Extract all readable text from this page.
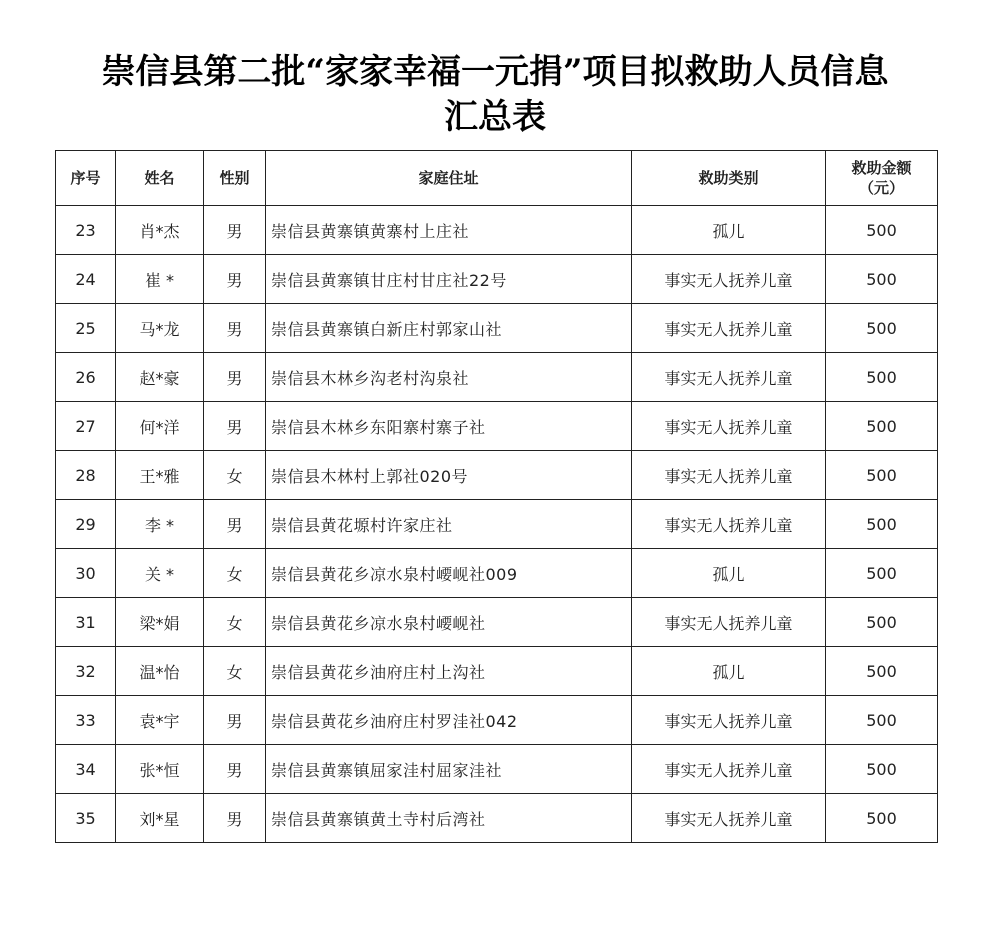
崇信县第二批“家家幸福一元捐”项目拟救助人员信息
汇总表
序号	姓名	性别	家庭住址	救助类别	救助金额
（元）

23	肖*杰	男	崇信县黄寨镇黄寨村上庄社	孤儿	500
24	崔 *	男	崇信县黄寨镇甘庄村甘庄社22号	事实无人抚养儿童	500
25	马*龙	男	崇信县黄寨镇白新庄村郭家山社	事实无人抚养儿童	500
26	赵*豪	男	崇信县木林乡沟老村沟泉社	事实无人抚养儿童	500
27	何*洋	男	崇信县木林乡东阳寨村寨子社	事实无人抚养儿童	500
28	王*雅	女	崇信县木林村上郭社020号	事实无人抚养儿童	500
29	李 *	男	崇信县黄花塬村许家庄社	事实无人抚养儿童	500
30	关 *	女	崇信县黄花乡凉水泉村崾岘社009	孤儿	500
31	梁*娟	女	崇信县黄花乡凉水泉村崾岘社	事实无人抚养儿童	500
32	温*怡	女	崇信县黄花乡油府庄村上沟社	孤儿	500
33	袁*宇	男	崇信县黄花乡油府庄村罗洼社042	事实无人抚养儿童	500
34	张*恒	男	崇信县黄寨镇屈家洼村屈家洼社	事实无人抚养儿童	500
35	刘*星	男	崇信县黄寨镇黄土寺村后湾社	事实无人抚养儿童	500
